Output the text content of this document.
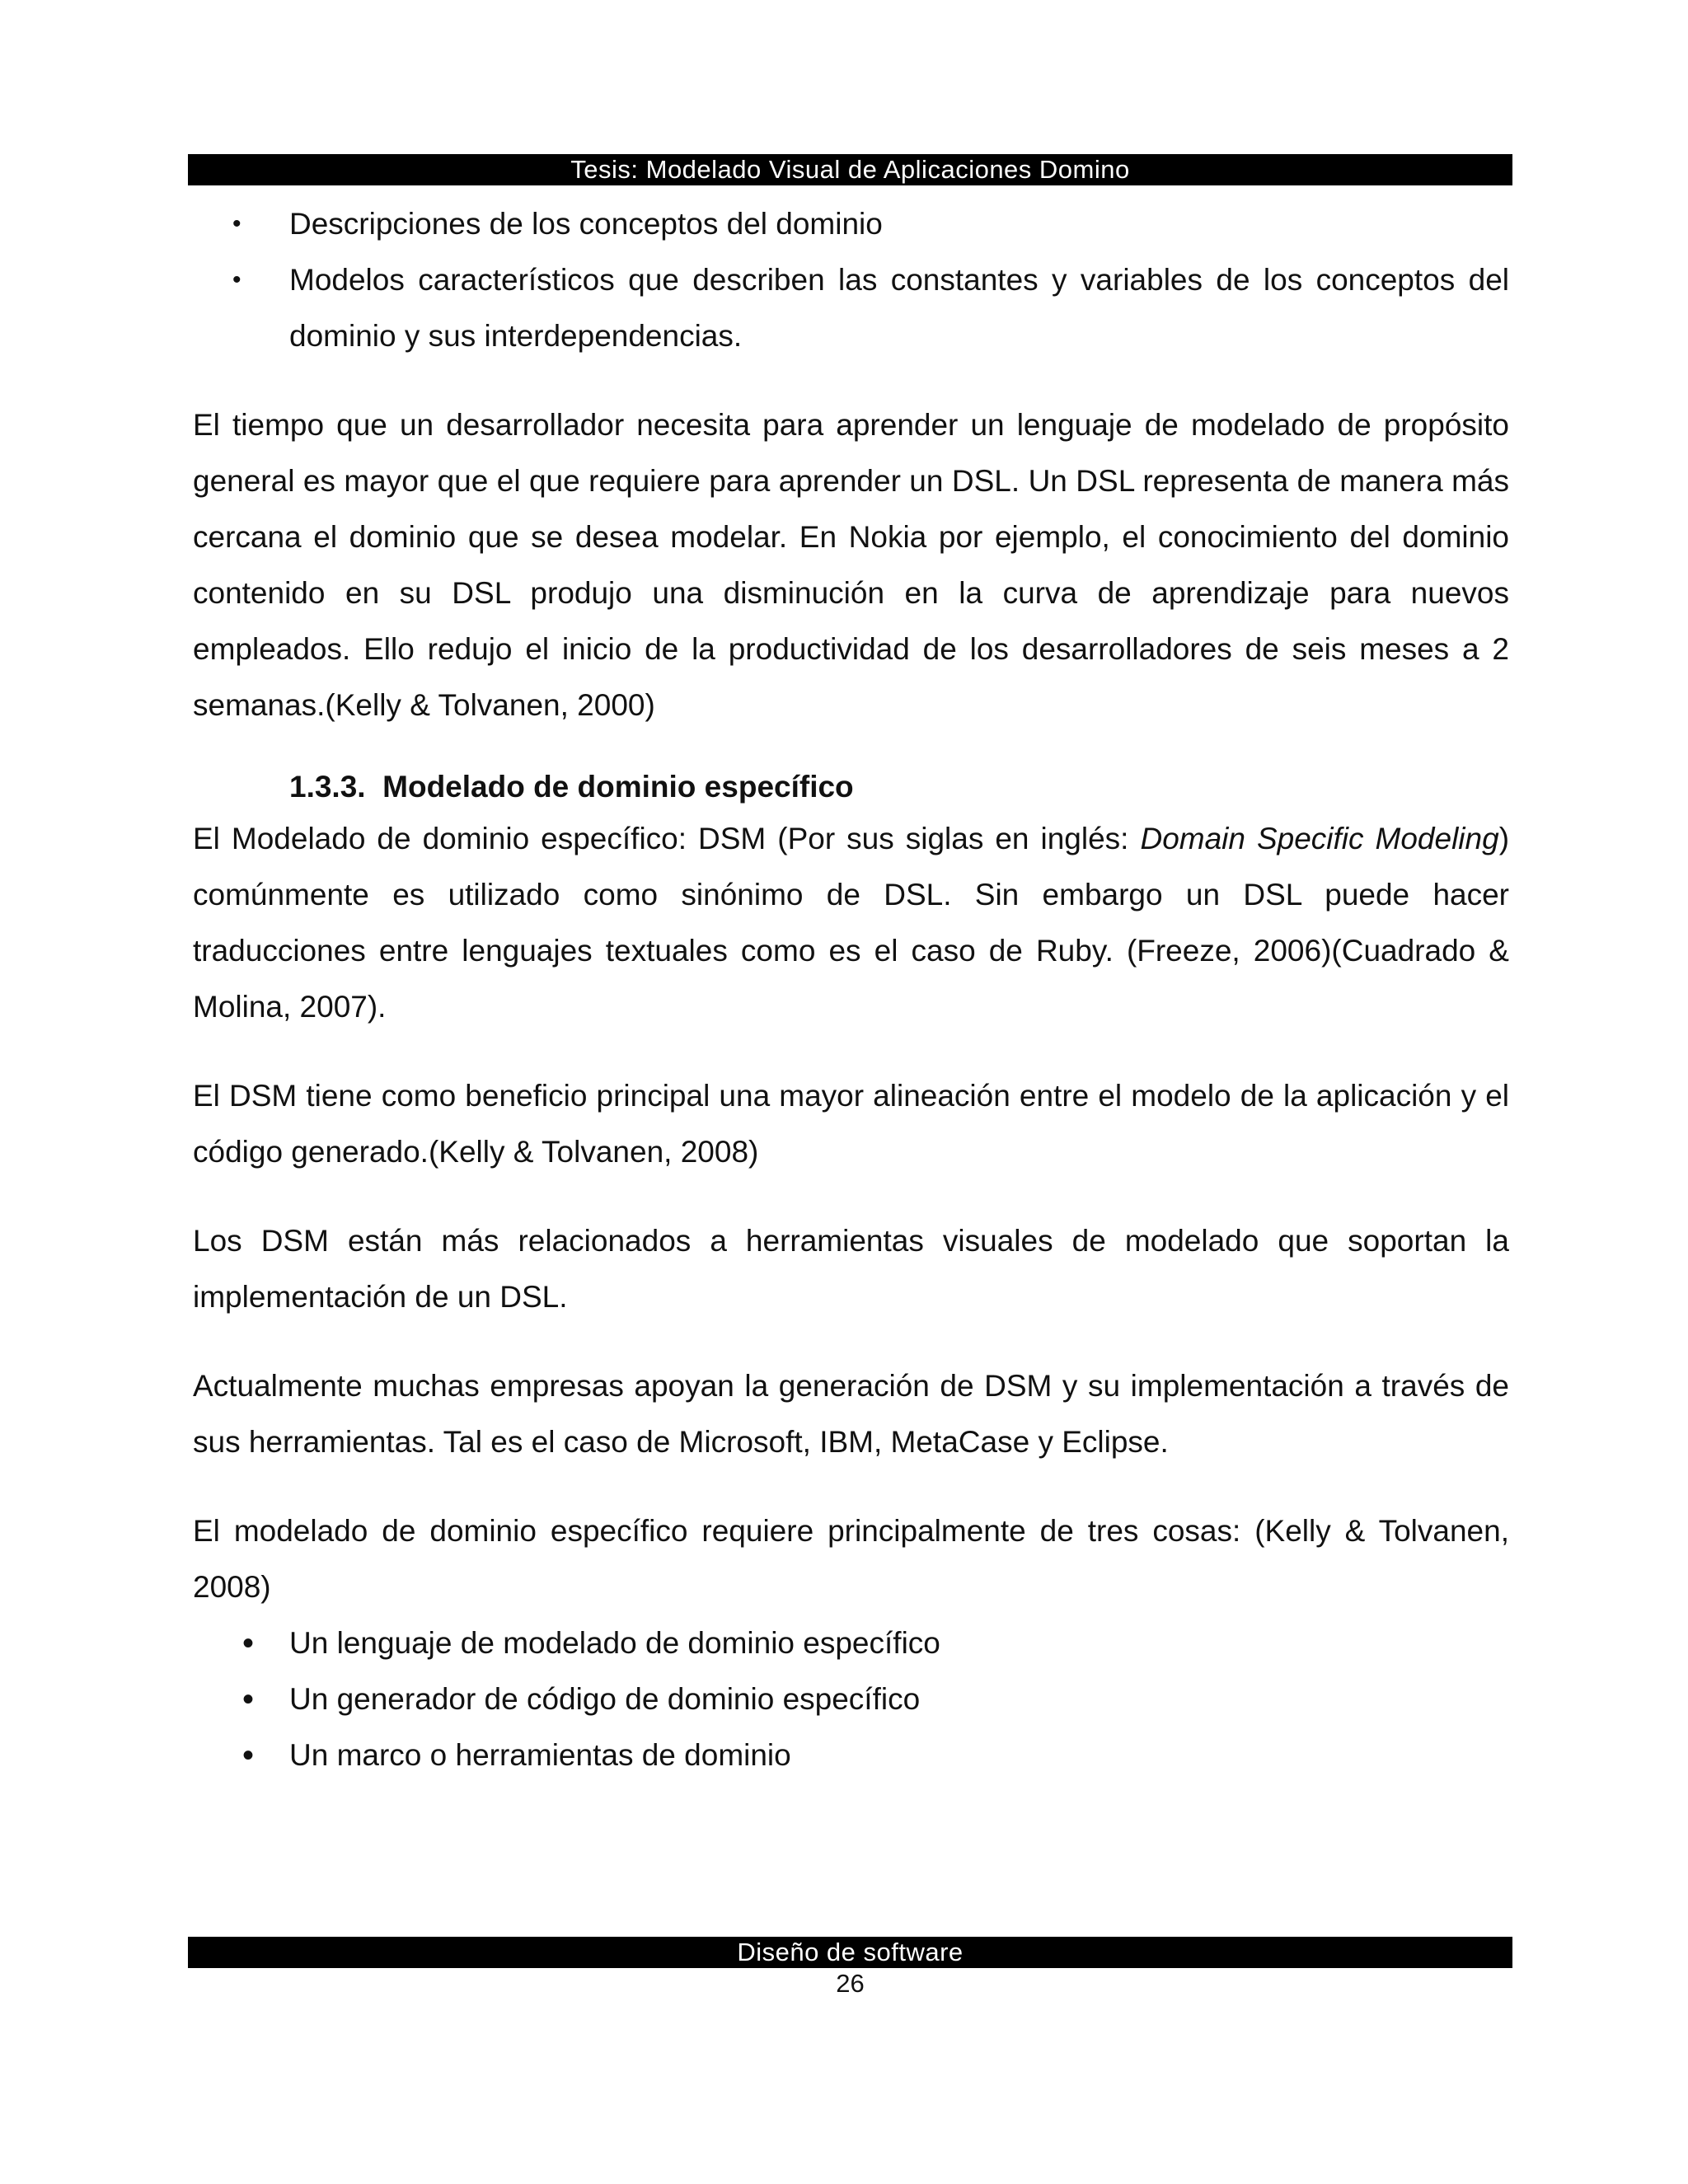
Tesis: Modelado Visual de Aplicaciones Domino
• Descripciones de los conceptos del dominio
• Modelos característicos que describen las constantes y variables de los conceptos del dominio y sus interdependencias.

El tiempo que un desarrollador necesita para aprender un lenguaje de modelado de propósito general es mayor que el que requiere para aprender un DSL. Un DSL representa de manera más cercana el dominio que se desea modelar. En Nokia por ejemplo, el conocimiento del dominio contenido en su DSL produjo una disminución en la curva de aprendizaje para nuevos empleados. Ello redujo el inicio de la productividad de los desarrolladores de seis meses a 2 semanas.(Kelly & Tolvanen, 2000)

1.3.3. Modelado de dominio específico

El Modelado de dominio específico: DSM (Por sus siglas en inglés: Domain Specific Modeling) comúnmente es utilizado como sinónimo de DSL. Sin embargo un DSL puede hacer traducciones entre lenguajes textuales como es el caso de Ruby. (Freeze, 2006)(Cuadrado & Molina, 2007).

El DSM tiene como beneficio principal una mayor alineación entre el modelo de la aplicación y el código generado.(Kelly & Tolvanen, 2008)

Los DSM están más relacionados a herramientas visuales de modelado que soportan la implementación de un DSL.

Actualmente muchas empresas apoyan la generación de DSM y su implementación a través de sus herramientas. Tal es el caso de Microsoft, IBM, MetaCase y Eclipse.

El modelado de dominio específico requiere principalmente de tres cosas: (Kelly & Tolvanen, 2008)

• Un lenguaje de modelado de dominio específico
• Un generador de código de dominio específico
• Un marco o herramientas de dominio
Diseño de software
26
